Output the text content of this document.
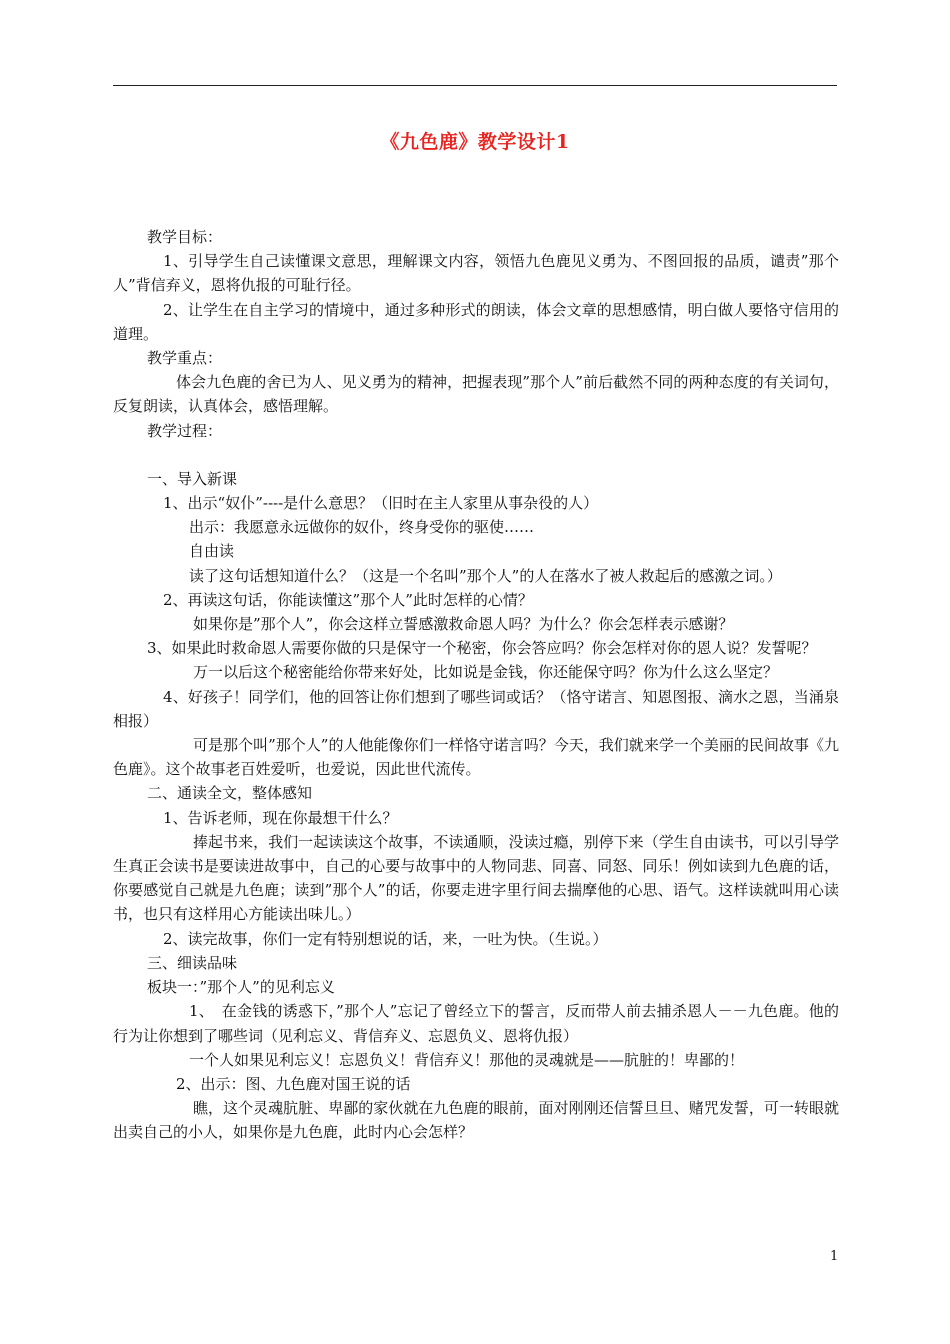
《九色鹿》教学设计1

教学目标：

1、引导学生自己读懂课文意思，理解课文内容，领悟九色鹿见义勇为、不图回报的品质，谴责”那个人”背信弃义，恩将仇报的可耻行径。

2、让学生在自主学习的情境中，通过多种形式的朗读，体会文章的思想感情，明白做人要恪守信用的道理。

教学重点：

体会九色鹿的舍已为人、见义勇为的精神，把握表现”那个人”前后截然不同的两种态度的有关词句，反复朗读，认真体会，感悟理解。

教学过程：

一、导入新课

1、出示“奴仆”----是什么意思？（旧时在主人家里从事杂役的人）

出示：我愿意永远做你的奴仆，终身受你的驱使……

自由读

读了这句话想知道什么？（这是一个名叫”那个人”的人在落水了被人救起后的感激之词。）

2、再读这句话，你能读懂这”那个人”此时怎样的心情？

如果你是”那个人”，你会这样立誓感激救命恩人吗？为什么？你会怎样表示感谢？

3、如果此时救命恩人需要你做的只是保守一个秘密，你会答应吗？你会怎样对你的恩人说？发誓呢？

万一以后这个秘密能给你带来好处，比如说是金钱，你还能保守吗？你为什么这么坚定？

4、好孩子！同学们，他的回答让你们想到了哪些词或话？（恪守诺言、知恩图报、滴水之恩，当涌泉相报）

可是那个叫”那个人”的人他能像你们一样恪守诺言吗？今天，我们就来学一个美丽的民间故事《九色鹿》。这个故事老百姓爱听，也爱说，因此世代流传。

二、通读全文，整体感知

1、告诉老师，现在你最想干什么？

捧起书来，我们一起读读这个故事，不读通顺，没读过瘾，别停下来（学生自由读书，可以引导学生真正会读书是要读进故事中，自己的心要与故事中的人物同悲、同喜、同怒、同乐！例如读到九色鹿的话，你要感觉自己就是九色鹿；读到”那个人”的话，你要走进字里行间去揣摩他的心思、语气。这样读就叫用心读书，也只有这样用心方能读出味儿。）

2、读完故事，你们一定有特别想说的话，来，一吐为快。（生说。）

三、细读品味

板块一：”那个人”的见利忘义

1、　在金钱的诱惑下，”那个人”忘记了曾经立下的誓言，反而带人前去捕杀恩人－－九色鹿。他的行为让你想到了哪些词（见利忘义、背信弃义、忘恩负义、恩将仇报）

一个人如果见利忘义！忘恩负义！背信弃义！那他的灵魂就是——肮脏的！卑鄙的！

2、出示：图、九色鹿对国王说的话

瞧，这个灵魂肮脏、卑鄙的家伙就在九色鹿的眼前，面对刚刚还信誓旦旦、赌咒发誓，可一转眼就出卖自己的小人，如果你是九色鹿，此时内心会怎样？

1
